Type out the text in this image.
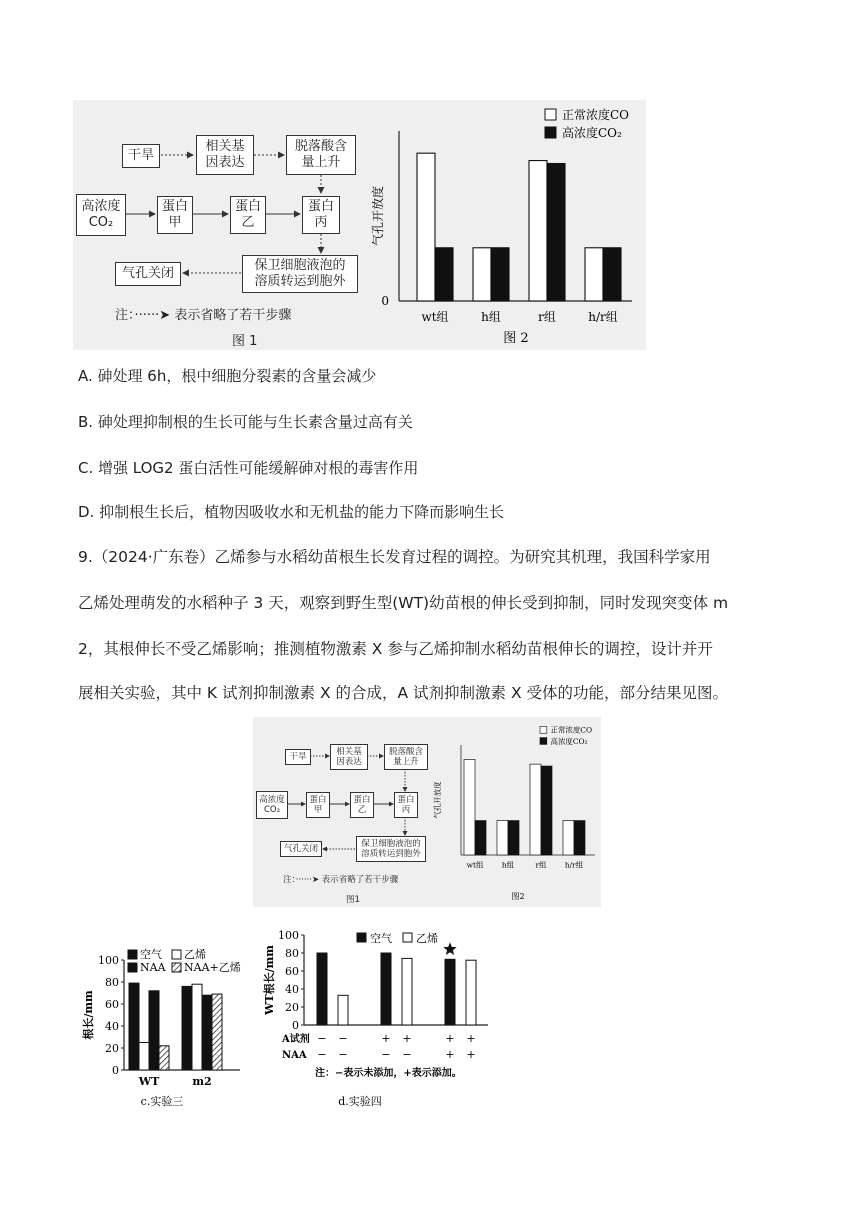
干旱
相关基
因表达
脱落酸含
量上升
高浓度
CO₂
蛋白
甲
蛋白
乙
蛋白
丙
保卫细胞液泡的
溶质转运到胞外
气孔关闭
注：······➤ 表示省略了若干步骤
图 1
气孔开放度
0
wt组	h组	r组	h/r组
正常浓度CO
高浓度CO₂
图 2
A. 砷处理 6h，根中细胞分裂素的含量会减少
B. 砷处理抑制根的生长可能与生长素含量过高有关
C. 增强 LOG2 蛋白活性可能缓解砷对根的毒害作用
D. 抑制根生长后，植物因吸收水和无机盐的能力下降而影响生长
9.（2024·广东卷）乙烯参与水稻幼苗根生长发育过程的调控。为研究其机理，我国科学家用
乙烯处理萌发的水稻种子 3 天，观察到野生型(WT)幼苗根的伸长受到抑制，同时发现突变体 m
2，其根伸长不受乙烯影响；推测植物激素 X 参与乙烯抑制水稻幼苗根伸长的调控，设计并开
展相关实验，其中 K 试剂抑制激素 X 的合成，A 试剂抑制激素 X 受体的功能，部分结果见图。
干旱
相关基
因表达
脱落酸含
量上升
高浓度
CO₂
蛋白
甲
蛋白
乙
蛋白
丙
保卫细胞液泡的
溶质转运到胞外
气孔关闭
注：······➤ 表示省略了若干步骤
图1
气孔开放度
wt组 h组	r组 h/r组
正常浓度CO
高浓度CO₂
图2
0
20
40
60
80
100
根长/mm
WT	m2
空气 乙烯
NAA NAA+乙烯
c.实验三
0
20
40
60
80
100
WT根长/mm
空气 乙烯
A试剂
NAA
− −	+ +	+ +
− −	− −	+ +
注：−表示未添加，+表示添加。
d.实验四
